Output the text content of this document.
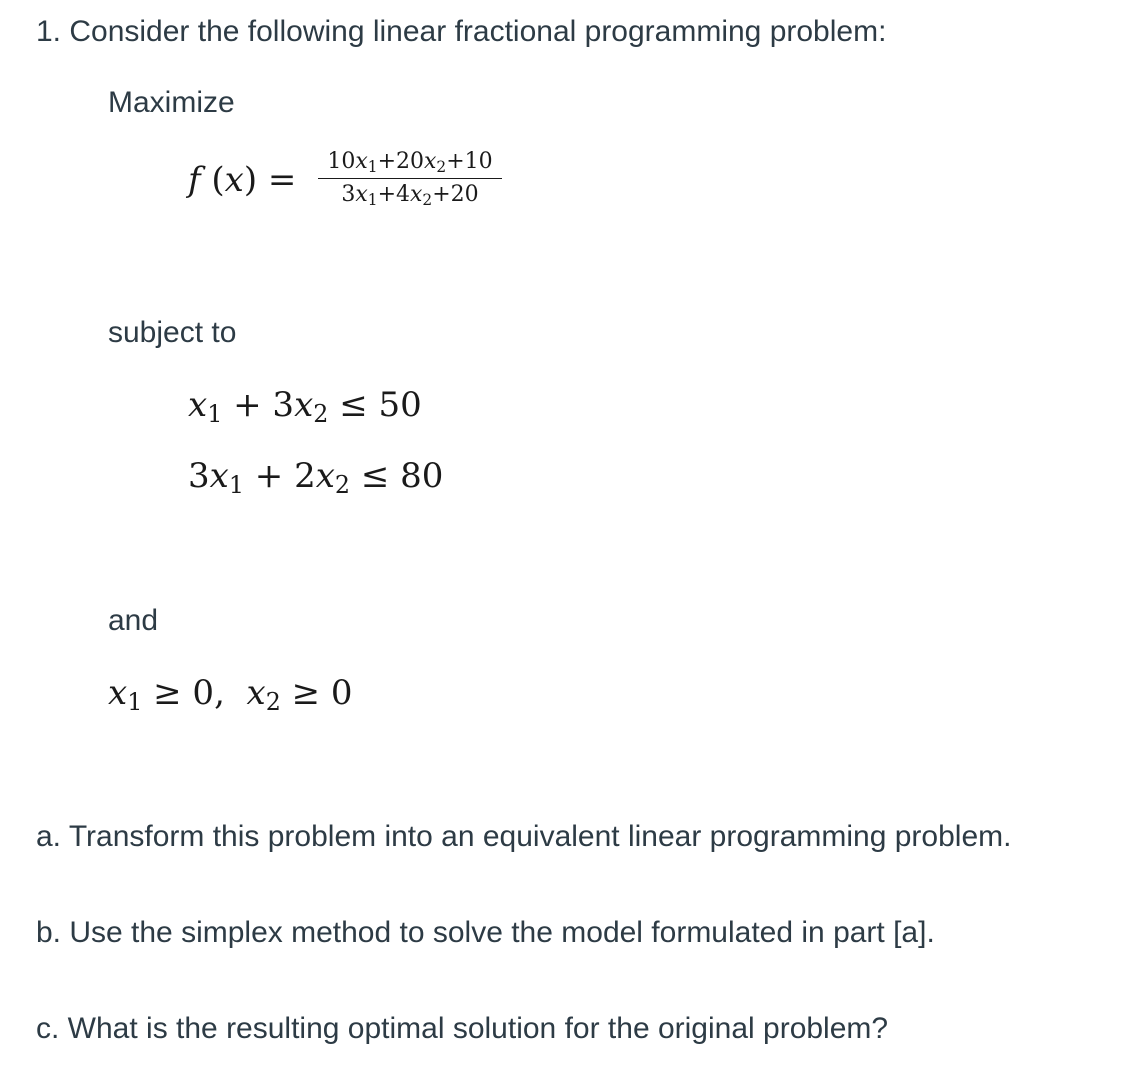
1. Consider the following linear fractional programming problem:
Maximize
f $(x) = \frac{10x_1+20x_2+10}{3x_1+4x_2+20}$
subject to
$x_1 + 3x_2 \le 50$
$3x_1 + 2x_2 \le 80$
and
$x_1 \ge 0$,  $x_2 \ge 0$
a. Transform this problem into an equivalent linear programming problem.
b. Use the simplex method to solve the model formulated in part [a].
c. What is the resulting optimal solution for the original problem?
